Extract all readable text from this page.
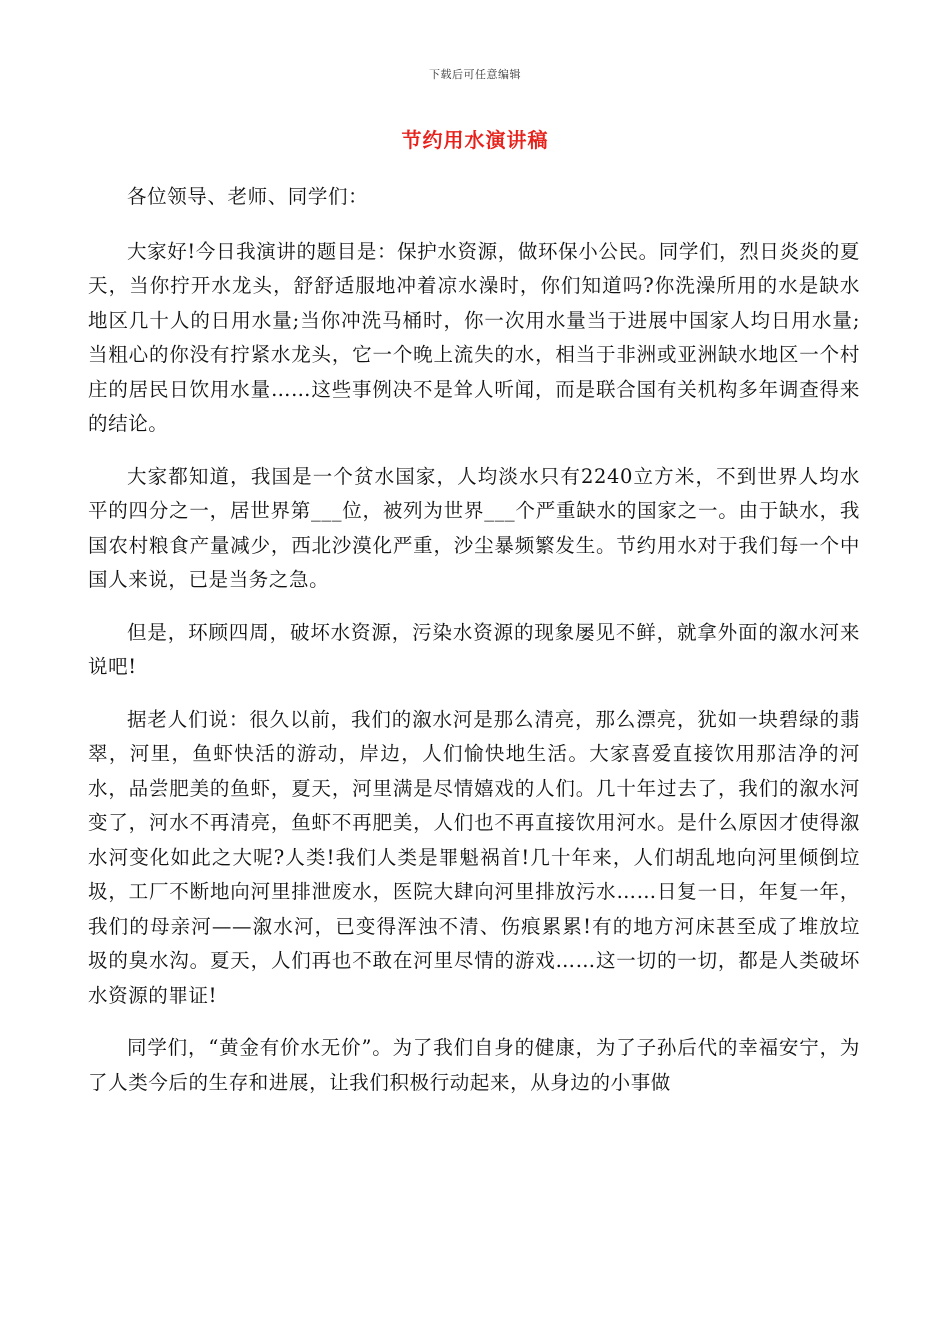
下载后可任意编辑
节约用水演讲稿

各位领导、老师、同学们：

大家好!今日我演讲的题目是：保护水资源，做环保小公民。同学们，烈日炎炎的夏天，当你拧开水龙头，舒舒适服地冲着凉水澡时，你们知道吗?你洗澡所用的水是缺水地区几十人的日用水量;当你冲洗马桶时，你一次用水量当于进展中国家人均日用水量;当粗心的你没有拧紧水龙头，它一个晚上流失的水，相当于非洲或亚洲缺水地区一个村庄的居民日饮用水量……这些事例决不是耸人听闻，而是联合国有关机构多年调查得来的结论。

大家都知道，我国是一个贫水国家，人均淡水只有2240立方米，不到世界人均水平的四分之一，居世界第___位，被列为世界___个严重缺水的国家之一。由于缺水，我国农村粮食产量减少，西北沙漠化严重，沙尘暴频繁发生。节约用水对于我们每一个中国人来说，已是当务之急。

但是，环顾四周，破坏水资源，污染水资源的现象屡见不鲜，就拿外面的溆水河来说吧!

据老人们说：很久以前，我们的溆水河是那么清亮，那么漂亮，犹如一块碧绿的翡翠，河里，鱼虾快活的游动，岸边，人们愉快地生活。大家喜爱直接饮用那洁净的河水，品尝肥美的鱼虾，夏天，河里满是尽情嬉戏的人们。几十年过去了，我们的溆水河变了，河水不再清亮，鱼虾不再肥美，人们也不再直接饮用河水。是什么原因才使得溆水河变化如此之大呢?人类!我们人类是罪魁祸首!几十年来，人们胡乱地向河里倾倒垃圾，工厂不断地向河里排泄废水，医院大肆向河里排放污水……日复一日，年复一年，我们的母亲河——溆水河，已变得浑浊不清、伤痕累累!有的地方河床甚至成了堆放垃圾的臭水沟。夏天，人们再也不敢在河里尽情的游戏……这一切的一切，都是人类破坏水资源的罪证!

同学们，“黄金有价水无价”。为了我们自身的健康，为了子孙后代的幸福安宁，为了人类今后的生存和进展，让我们积极行动起来，从身边的小事做
